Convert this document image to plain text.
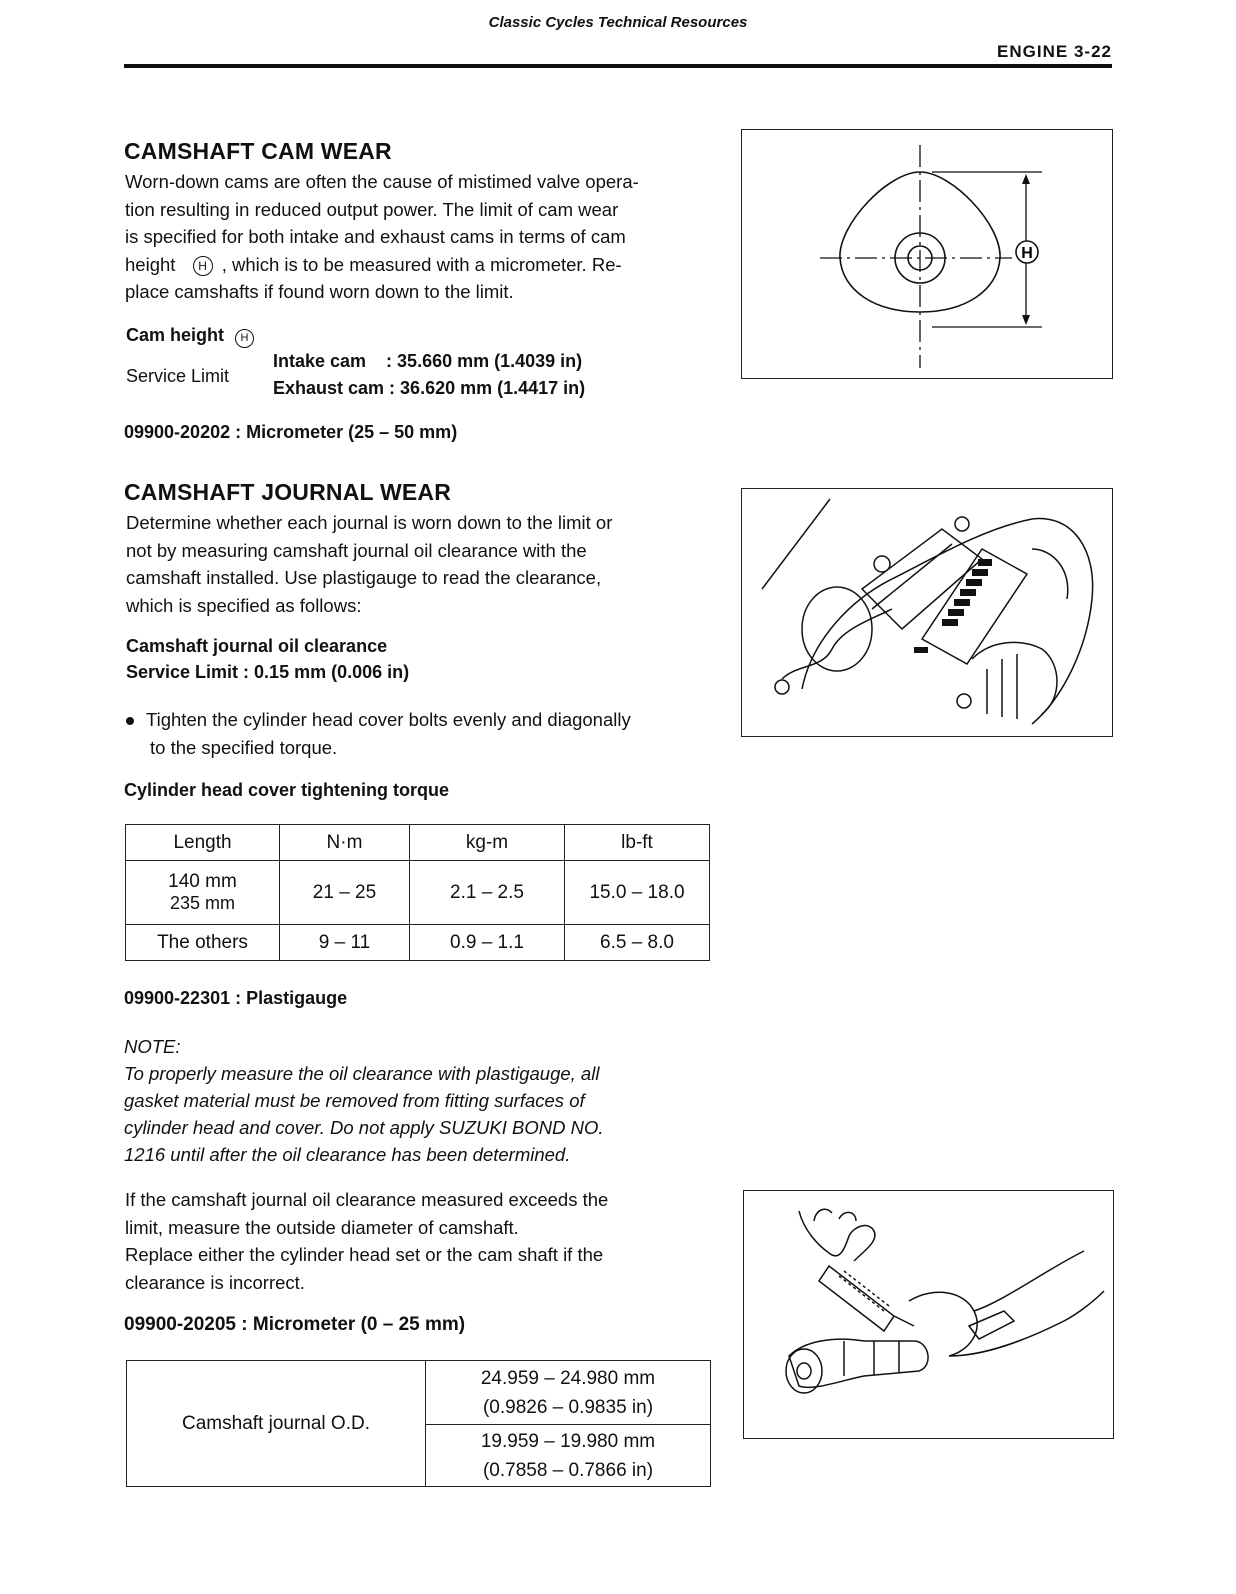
Classic Cycles Technical Resources
ENGINE 3-22
CAMSHAFT CAM WEAR
Worn-down cams are often the cause of mistimed valve opera-
tion resulting in reduced output power. The limit of cam wear
is specified for both intake and exhaust cams in terms of cam
height H , which is to be measured with a micrometer. Re-
place camshafts if found worn down to the limit.
Cam height H
Service Limit
Intake cam    : 35.660 mm (1.4039 in)
Exhaust cam : 36.620 mm (1.4417 in)
09900-20202 : Micrometer (25 – 50 mm)
H
CAMSHAFT JOURNAL WEAR
Determine whether each journal is worn down to the limit or
not by measuring camshaft journal oil clearance with the
camshaft installed. Use plastigauge to read the clearance,
which is specified as follows:
Camshaft journal oil clearance
Service Limit : 0.15 mm (0.006 in)
Tighten the cylinder head cover bolts evenly and diagonally
to the specified torque.
Cylinder head cover tightening torque
Length	N·m	kg-m	lb-ft

140 mm
235 mm	21 – 25	2.1 – 2.5	15.0 – 18.0
The others	9 – 11	0.9 – 1.1	6.5 – 8.0
09900-22301 : Plastigauge
NOTE:
To properly measure the oil clearance with plastigauge, all
gasket material must be removed from fitting surfaces of
cylinder head and cover. Do not apply SUZUKI BOND NO.
1216 until after the oil clearance has been determined.
If the camshaft journal oil clearance measured exceeds the
limit, measure the outside diameter of camshaft.
Replace either the cylinder head set or the cam shaft if the
clearance is incorrect.
09900-20205 : Micrometer (0 – 25 mm)
Camshaft journal O.D.	
24.959 – 24.980 mm
(0.9826 – 0.9835 in)

19.959 – 19.980 mm
(0.7858 – 0.7866 in)
